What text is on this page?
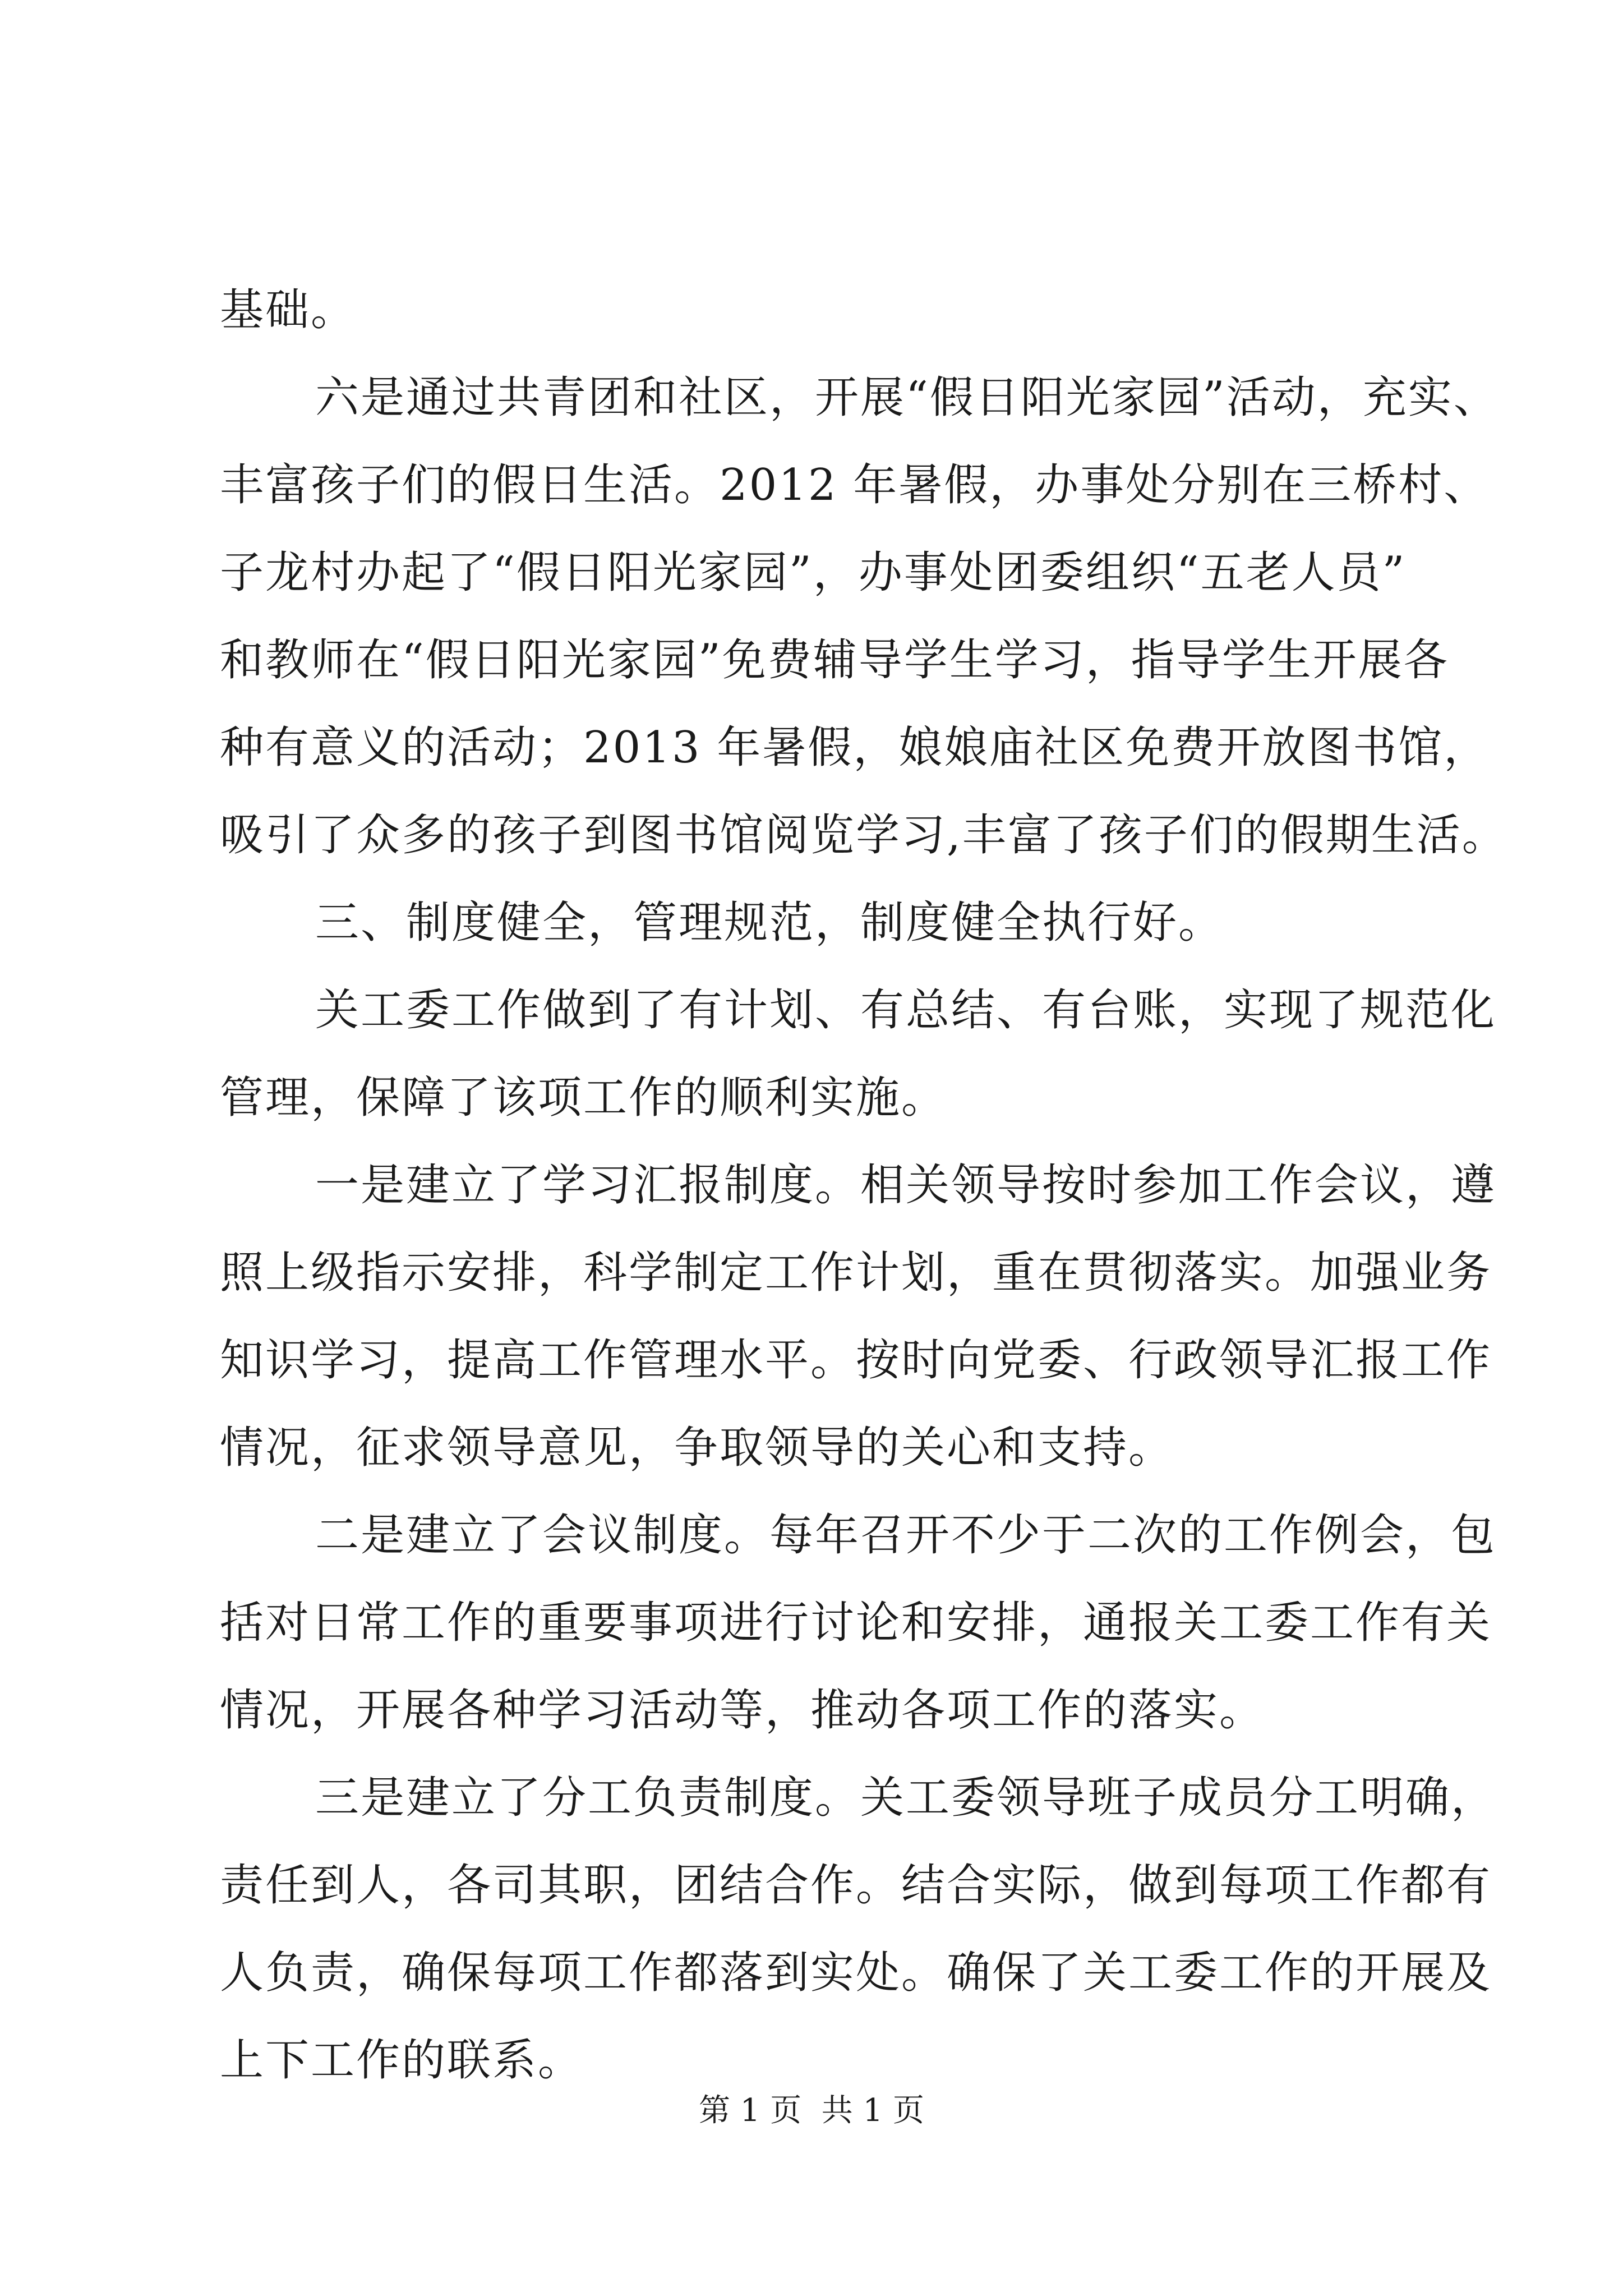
基础。
六是通过共青团和社区，开展“假日阳光家园”活动，充实、
丰富孩子们的假日生活。2012 年暑假，办事处分别在三桥村、
子龙村办起了“假日阳光家园”，办事处团委组织“五老人员”
和教师在“假日阳光家园”免费辅导学生学习，指导学生开展各
种有意义的活动；2013 年暑假，娘娘庙社区免费开放图书馆，
吸引了众多的孩子到图书馆阅览学习,丰富了孩子们的假期生活。
三、制度健全，管理规范，制度健全执行好。
关工委工作做到了有计划、有总结、有台账，实现了规范化
管理，保障了该项工作的顺利实施。
一是建立了学习汇报制度。相关领导按时参加工作会议，遵
照上级指示安排，科学制定工作计划，重在贯彻落实。加强业务
知识学习，提高工作管理水平。按时向党委、行政领导汇报工作
情况，征求领导意见，争取领导的关心和支持。
二是建立了会议制度。每年召开不少于二次的工作例会，包
括对日常工作的重要事项进行讨论和安排，通报关工委工作有关
情况，开展各种学习活动等，推动各项工作的落实。
三是建立了分工负责制度。关工委领导班子成员分工明确，
责任到人，各司其职，团结合作。结合实际，做到每项工作都有
人负责，确保每项工作都落到实处。确保了关工委工作的开展及
上下工作的联系。
第 1 页  共 1 页
